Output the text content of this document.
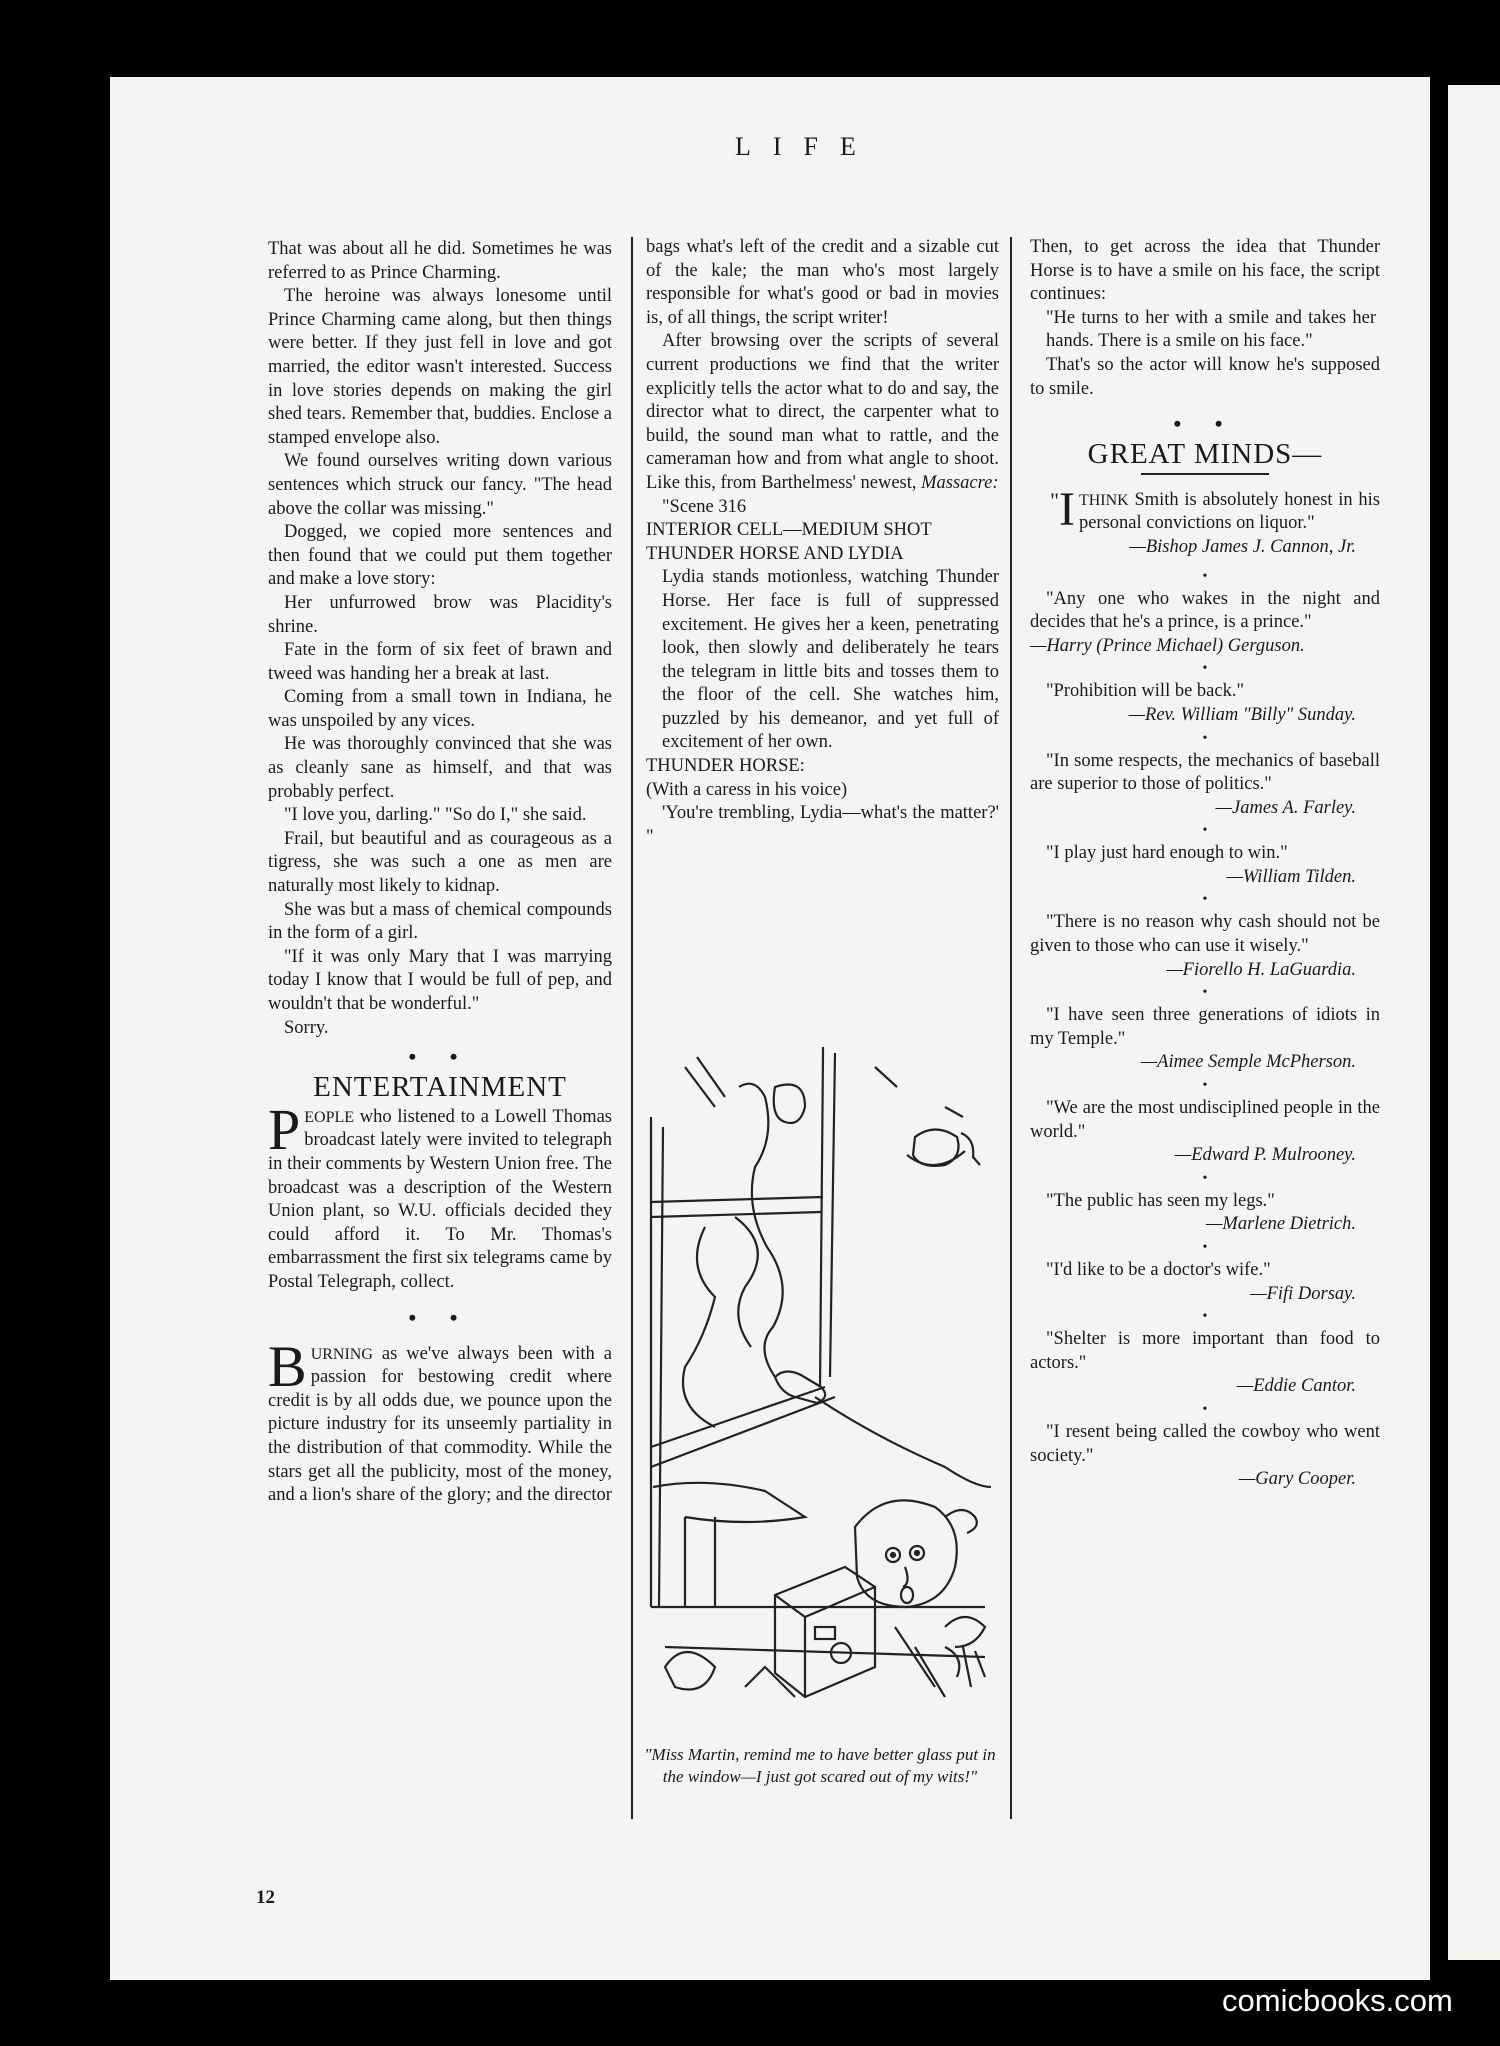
LIFE

That was about all he did. Sometimes he was referred to as Prince Charming.

The heroine was always lonesome until Prince Charming came along, but then things were better. If they just fell in love and got married, the editor wasn't interested. Success in love stories depends on making the girl shed tears. Remember that, buddies. Enclose a stamped envelope also.

We found ourselves writing down various sentences which struck our fancy. "The head above the collar was missing."

Dogged, we copied more sentences and then found that we could put them together and make a love story:

Her unfurrowed brow was Placidity's shrine.

Fate in the form of six feet of brawn and tweed was handing her a break at last.

Coming from a small town in Indiana, he was unspoiled by any vices.

He was thoroughly convinced that she was as cleanly sane as himself, and that was probably perfect.

"I love you, darling." "So do I," she said.

Frail, but beautiful and as courageous as a tigress, she was such a one as men are naturally most likely to kidnap.

She was but a mass of chemical compounds in the form of a girl.

"If it was only Mary that I was marrying today I know that I would be full of pep, and wouldn't that be wonderful."

Sorry.

• •
ENTERTAINMENT

PEOPLE who listened to a Lowell Thomas broadcast lately were invited to telegraph in their comments by Western Union free. The broadcast was a description of the Western Union plant, so W.U. officials decided they could afford it. To Mr. Thomas's embarrassment the first six telegrams came by Postal Telegraph, collect.

• •

BURNING as we've always been with a passion for bestowing credit where credit is by all odds due, we pounce upon the picture industry for its unseemly partiality in the distribution of that commodity. While the stars get all the publicity, most of the money, and a lion's share of the glory; and the director

bags what's left of the credit and a sizable cut of the kale; the man who's most largely responsible for what's good or bad in movies is, of all things, the script writer!

After browsing over the scripts of several current productions we find that the writer explicitly tells the actor what to do and say, the director what to direct, the carpenter what to build, the sound man what to rattle, and the cameraman how and from what angle to shoot. Like this, from Barthelmess' newest, Massacre:

"Scene 316

INTERIOR CELL—MEDIUM SHOT

THUNDER HORSE AND LYDIA

Lydia stands motionless, watching Thunder Horse. Her face is full of suppressed excitement. He gives her a keen, penetrating look, then slowly and deliberately he tears the telegram in little bits and tosses them to the floor of the cell. She watches him, puzzled by his demeanor, and yet full of excitement of her own.

THUNDER HORSE:

(With a caress in his voice)

'You're trembling, Lydia—what's the matter?' "

"Miss Martin, remind me to have better glass put in the window—I just got scared out of my wits!"

Then, to get across the idea that Thunder Horse is to have a smile on his face, the script continues:

"He turns to her with a smile and takes her hands. There is a smile on his face."

That's so the actor will know he's supposed to smile.

• •
GREAT MINDS—

" I THINK Smith is absolutely honest in his personal convictions on liquor."

—Bishop James J. Cannon, Jr.
•

"Any one who wakes in the night and decides that he's a prince, is a prince."

—Harry (Prince Michael) Gerguson.
•

"Prohibition will be back."

—Rev. William "Billy" Sunday.
•

"In some respects, the mechanics of baseball are superior to those of politics."

—James A. Farley.
•

"I play just hard enough to win."

—William Tilden.
•

"There is no reason why cash should not be given to those who can use it wisely."

—Fiorello H. LaGuardia.
•

"I have seen three generations of idiots in my Temple."

—Aimee Semple McPherson.
•

"We are the most undisciplined people in the world."

—Edward P. Mulrooney.
•

"The public has seen my legs."

—Marlene Dietrich.
•

"I'd like to be a doctor's wife."

—Fifi Dorsay.
•

"Shelter is more important than food to actors."

—Eddie Cantor.
•

"I resent being called the cowboy who went society."

—Gary Cooper.
12
comicbooks.com
